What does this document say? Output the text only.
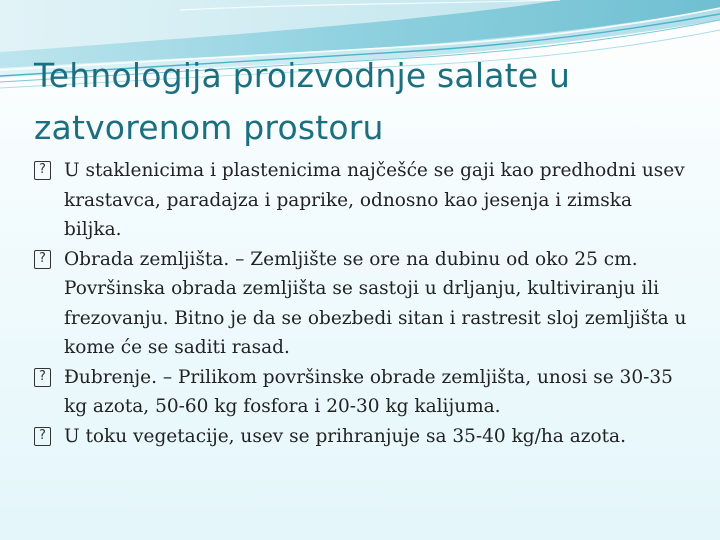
Tehnologija proizvodnje salate u zatvorenom prostoru
? U staklenicima i plastenicima najčešće se gaji kao predhodni usev krastavca, paradajza i paprike, odnosno kao jesenja i zimska biljka.
? Obrada zemljišta. – Zemljište se ore na dubinu od oko 25 cm. Površinska obrada zemljišta se sastoji u drljanju, kultiviranju ili frezovanju. Bitno je da se obezbedi sitan i rastresit sloj zemljišta u kome će se saditi rasad.
? Đubrenje. – Prilikom površinske obrade zemljišta, unosi se 30-35 kg azota, 50-60 kg fosfora i 20-30 kg kalijuma.
? U toku vegetacije, usev se prihranjuje sa 35-40 kg/ha azota.
